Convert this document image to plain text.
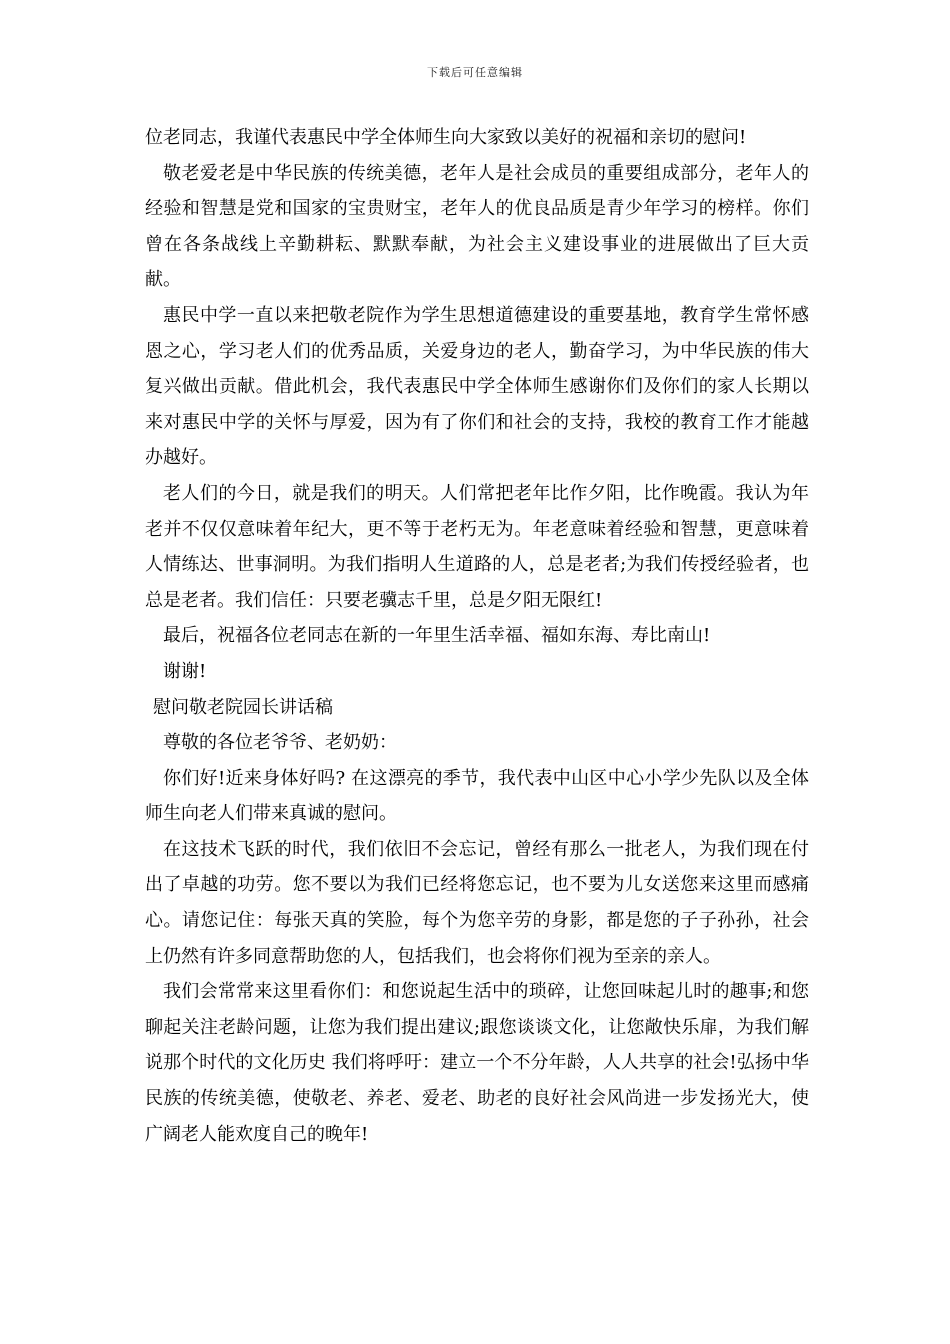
下载后可任意编辑

位老同志，我谨代表惠民中学全体师生向大家致以美好的祝福和亲切的慰问!

敬老爱老是中华民族的传统美德，老年人是社会成员的重要组成部分，老年人的经验和智慧是党和国家的宝贵财宝，老年人的优良品质是青少年学习的榜样。你们曾在各条战线上辛勤耕耘、默默奉献，为社会主义建设事业的进展做出了巨大贡献。

惠民中学一直以来把敬老院作为学生思想道德建设的重要基地，教育学生常怀感恩之心，学习老人们的优秀品质，关爱身边的老人，勤奋学习，为中华民族的伟大复兴做出贡献。借此机会，我代表惠民中学全体师生感谢你们及你们的家人长期以来对惠民中学的关怀与厚爱，因为有了你们和社会的支持，我校的教育工作才能越办越好。

老人们的今日，就是我们的明天。人们常把老年比作夕阳，比作晚霞。我认为年老并不仅仅意味着年纪大，更不等于老朽无为。年老意味着经验和智慧，更意味着人情练达、世事洞明。为我们指明人生道路的人，总是老者;为我们传授经验者，也总是老者。我们信任：只要老骥志千里，总是夕阳无限红!

最后，祝福各位老同志在新的一年里生活幸福、福如东海、寿比南山!

谢谢!

慰问敬老院园长讲话稿

尊敬的各位老爷爷、老奶奶：

你们好!近来身体好吗? 在这漂亮的季节，我代表中山区中心小学少先队以及全体师生向老人们带来真诚的慰问。

在这技术飞跃的时代，我们依旧不会忘记，曾经有那么一批老人，为我们现在付出了卓越的功劳。您不要以为我们已经将您忘记，也不要为儿女送您来这里而感痛心。请您记住：每张天真的笑脸，每个为您辛劳的身影，都是您的子子孙孙，社会上仍然有许多同意帮助您的人，包括我们，也会将你们视为至亲的亲人。

我们会常常来这里看你们：和您说起生活中的琐碎，让您回味起儿时的趣事;和您聊起关注老龄问题，让您为我们提出建议;跟您谈谈文化，让您敞快乐扉，为我们解说那个时代的文化历史 我们将呼吁：建立一个不分年龄，人人共享的社会!弘扬中华民族的传统美德，使敬老、养老、爱老、助老的良好社会风尚进一步发扬光大，使广阔老人能欢度自己的晚年!
